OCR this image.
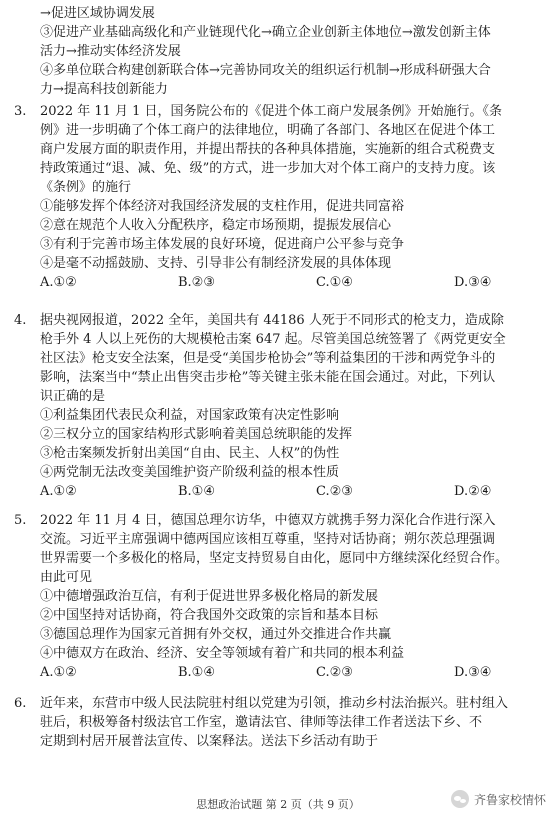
→促进区域协调发展
③促进产业基础高级化和产业链现代化→确立企业创新主体地位→激发创新主体
活力→推动实体经济发展
④多单位联合构建创新联合体→完善协同攻关的组织运行机制→形成科研强大合
力→提高科技创新能力
3.	2022 年 11 月 1 日，国务院公布的《促进个体工商户发展条例》开始施行。《条
例》进一步明确了个体工商户的法律地位，明确了各部门、各地区在促进个体工
商户发展方面的职责作用，并提出帮扶的各种具体措施，实施新的组合式税费支
持政策通过“退、减、免、级”的方式，进一步加大对个体工商户的支持力度。该
《条例》的施行
①能够发挥个体经济对我国经济发展的支柱作用，促进共同富裕
②意在规范个人收入分配秩序，稳定市场预期，提振发展信心
③有利于完善市场主体发展的良好环境，促进商户公平参与竞争
④是毫不动摇鼓励、支持、引导非公有制经济发展的具体体现
A.①②	B.②③	C.①④	D.③④
4.	据央视网报道，2022 全年，美国共有 44186 人死于不同形式的枪支力，造成除
枪手外 4 人以上死伤的大规模枪击案 647 起。尽管美国总统签署了《两党更安全
社区法》枪支安全法案，但是受“美国步枪协会”等利益集团的干涉和两党争斗的
影响，法案当中“禁止出售突击步枪”等关键主张未能在国会通过。对此，下列认
识正确的是
①利益集团代表民众利益，对国家政策有决定性影响
②三权分立的国家结构形式影响着美国总统职能的发挥
③枪击案频发折射出美国“自由、民主、人权”的伪性
④两党制无法改变美国维护资产阶级利益的根本性质
A.①②	B.①④	C.②③	D.②④
5.	2022 年 11 月 4 日，德国总理尔访华，中德双方就携手努力深化合作进行深入
交流。习近平主席强调中德两国应该相互尊重，坚持对话协商；朔尔茨总理强调
世界需要一个多极化的格局，坚定支持贸易自由化，愿同中方继续深化经贸合作。
由此可见
①中德增强政治互信，有利于促进世界多极化格局的新发展
②中国坚持对话协商，符合我国外交政策的宗旨和基本目标
③德国总理作为国家元首拥有外交权，通过外交推进合作共赢
④中德双方在政治、经济、安全等领域有着广和共同的根本利益
A.①②	B.①④	C.②③	D.③④
6.	近年来，东营市中级人民法院驻村组以党建为引领，推动乡村法治振兴。驻村组入
驻后，积极筹备村级法官工作室，邀请法官、律师等法律工作者送法下乡、不
定期到村居开展普法宣传、以案释法。送法下乡活动有助于
思想政治试题 第 2 页（共 9 页）	齐鲁家校情怀
